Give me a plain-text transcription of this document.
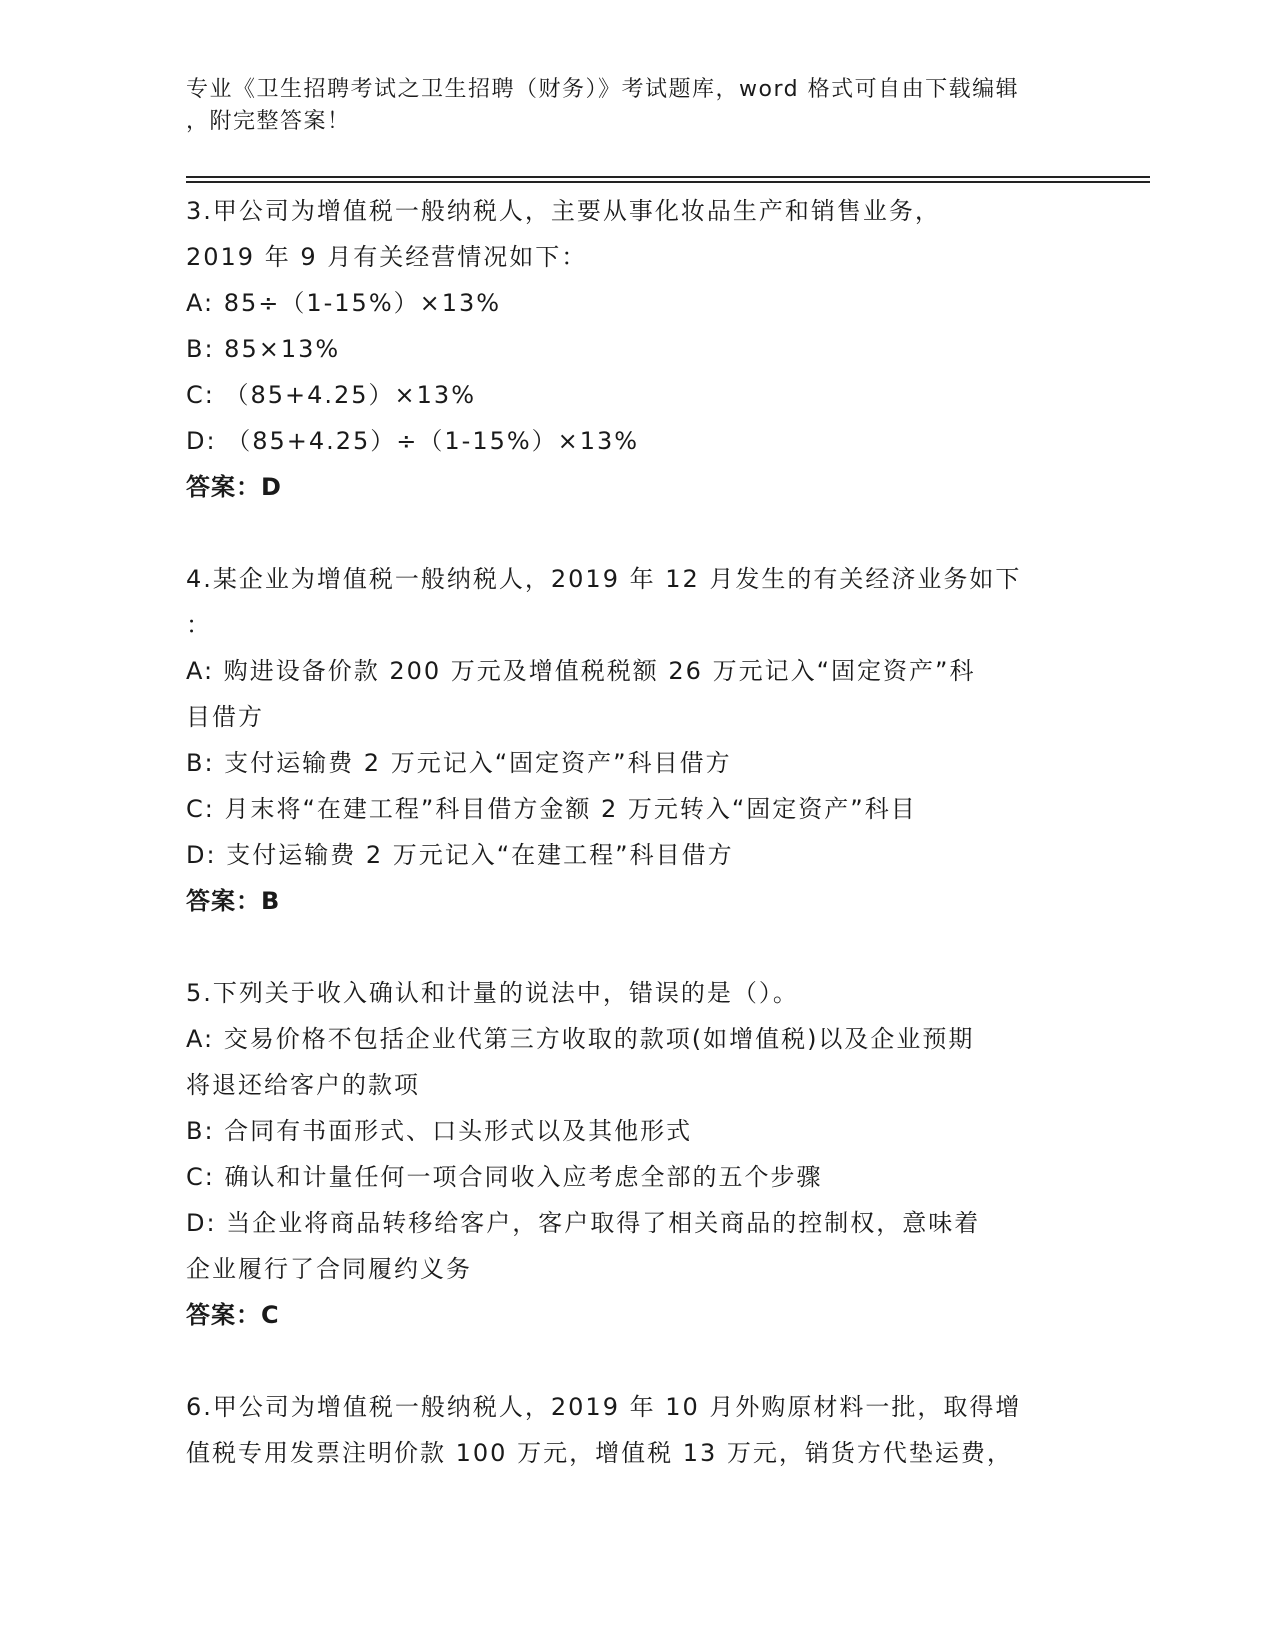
专业《卫生招聘考试之卫生招聘（财务）》考试题库，word 格式可自由下载编辑
，附完整答案！
3.甲公司为增值税一般纳税人，主要从事化妆品生产和销售业务，
2019 年 9 月有关经营情况如下：
A: 85÷（1-15%）×13%
B: 85×13%
C: （85+4.25）×13%
D: （85+4.25）÷（1-15%）×13%
答案：D
4.某企业为增值税一般纳税人，2019 年 12 月发生的有关经济业务如下
：
A: 购进设备价款 200 万元及增值税税额 26 万元记入“固定资产”科
目借方
B: 支付运输费 2 万元记入“固定资产”科目借方
C: 月末将“在建工程”科目借方金额 2 万元转入“固定资产”科目
D: 支付运输费 2 万元记入“在建工程”科目借方
答案：B
5.下列关于收入确认和计量的说法中，错误的是（）。
A: 交易价格不包括企业代第三方收取的款项(如增值税)以及企业预期
将退还给客户的款项
B: 合同有书面形式、口头形式以及其他形式
C: 确认和计量任何一项合同收入应考虑全部的五个步骤
D: 当企业将商品转移给客户，客户取得了相关商品的控制权，意味着
企业履行了合同履约义务
答案：C
6.甲公司为增值税一般纳税人，2019 年 10 月外购原材料一批，取得增
值税专用发票注明价款 100 万元，增值税 13 万元，销货方代垫运费，
